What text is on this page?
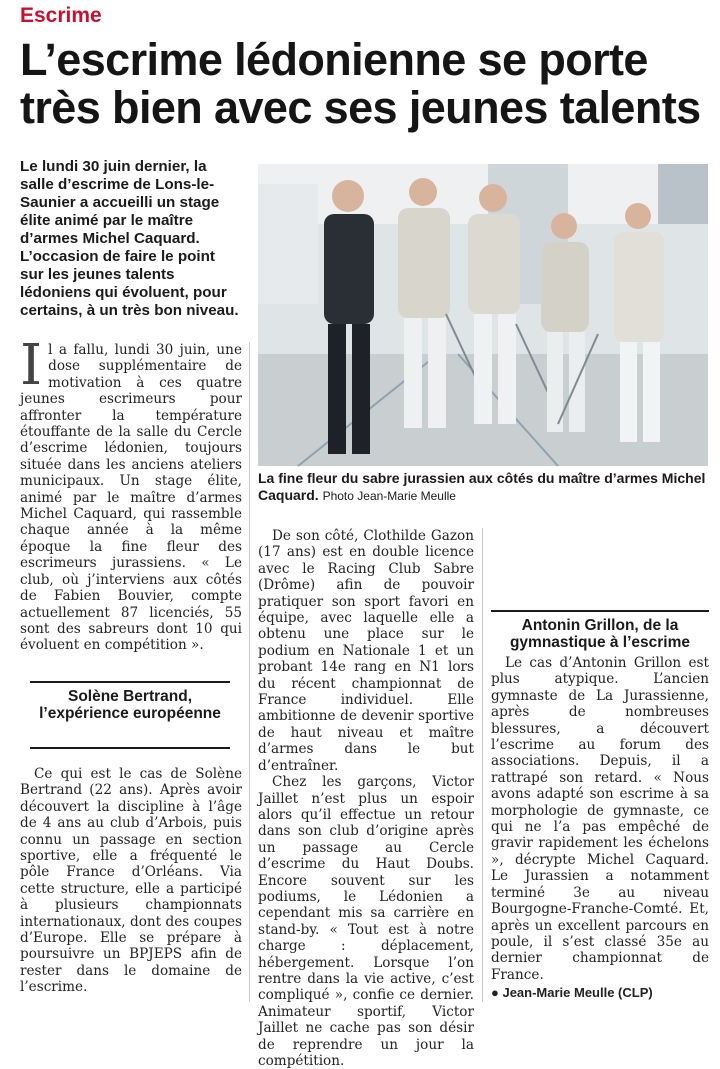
Escrime
L’escrime lédonienne se porte très bien avec ses jeunes talents
Le lundi 30 juin dernier, la salle d’escrime de Lons-le-Saunier a accueilli un stage élite animé par le maître d’armes Michel Caquard. L’occasion de faire le point sur les jeunes talents lédoniens qui évoluent, pour certains, à un très bon niveau.
La fine fleur du sabre jurassien aux côtés du maître d’armes Michel Caquard. Photo Jean-Marie Meulle
I l a fallu, lundi 30 juin, une dose supplémentaire de motivation à ces quatre jeunes escrimeurs pour affronter la température étouffante de la salle du Cercle d’escrime lédonien, toujours située dans les anciens ateliers municipaux. Un stage élite, animé par le maître d’armes Michel Caquard, qui rassemble chaque année à la même époque la fine fleur des escrimeurs jurassiens. « Le club, où j’interviens aux côtés de Fabien Bouvier, compte actuellement 87 licenciés, 55 sont des sabreurs dont 10 qui évoluent en compétition ».

Solène Bertrand, l’expérience européenne

Ce qui est le cas de Solène Bertrand (22 ans). Après avoir découvert la discipline à l’âge de 4 ans au club d’Arbois, puis connu un passage en section sportive, elle a fréquenté le pôle France d’Orléans. Via cette structure, elle a participé à plusieurs championnats internationaux, dont des coupes d’Europe. Elle se prépare à poursuivre un BPJEPS afin de rester dans le domaine de l’escrime.

De son côté, Clothilde Gazon (17 ans) est en double licence avec le Racing Club Sabre (Drôme) afin de pouvoir pratiquer son sport favori en équipe, avec laquelle elle a obtenu une place sur le podium en Nationale 1 et un probant 14e rang en N1 lors du récent championnat de France individuel. Elle ambitionne de devenir sportive de haut niveau et maître d’armes dans le but d’entraîner.

Chez les garçons, Victor Jaillet n’est plus un espoir alors qu’il effectue un retour dans son club d’origine après un passage au Cercle d’escrime du Haut Doubs. Encore souvent sur les podiums, le Lédonien a cependant mis sa carrière en stand-by. « Tout est à notre charge : déplacement, hébergement. Lorsque l’on rentre dans la vie active, c’est compliqué », confie ce dernier. Animateur sportif, Victor Jaillet ne cache pas son désir de reprendre un jour la compétition.

Antonin Grillon, de la gymnastique à l’escrime

Le cas d’Antonin Grillon est plus atypique. L’ancien gymnaste de La Jurassienne, après de nombreuses blessures, a découvert l’escrime au forum des associations. Depuis, il a rattrapé son retard. « Nous avons adapté son escrime à sa morphologie de gymnaste, ce qui ne l’a pas empêché de gravir rapidement les échelons », décrypte Michel Caquard. Le Jurassien a notamment terminé 3e au niveau Bourgogne-Franche-Comté. Et, après un excellent parcours en poule, il s’est classé 35e au dernier championnat de France.

● Jean-Marie Meulle (CLP)
